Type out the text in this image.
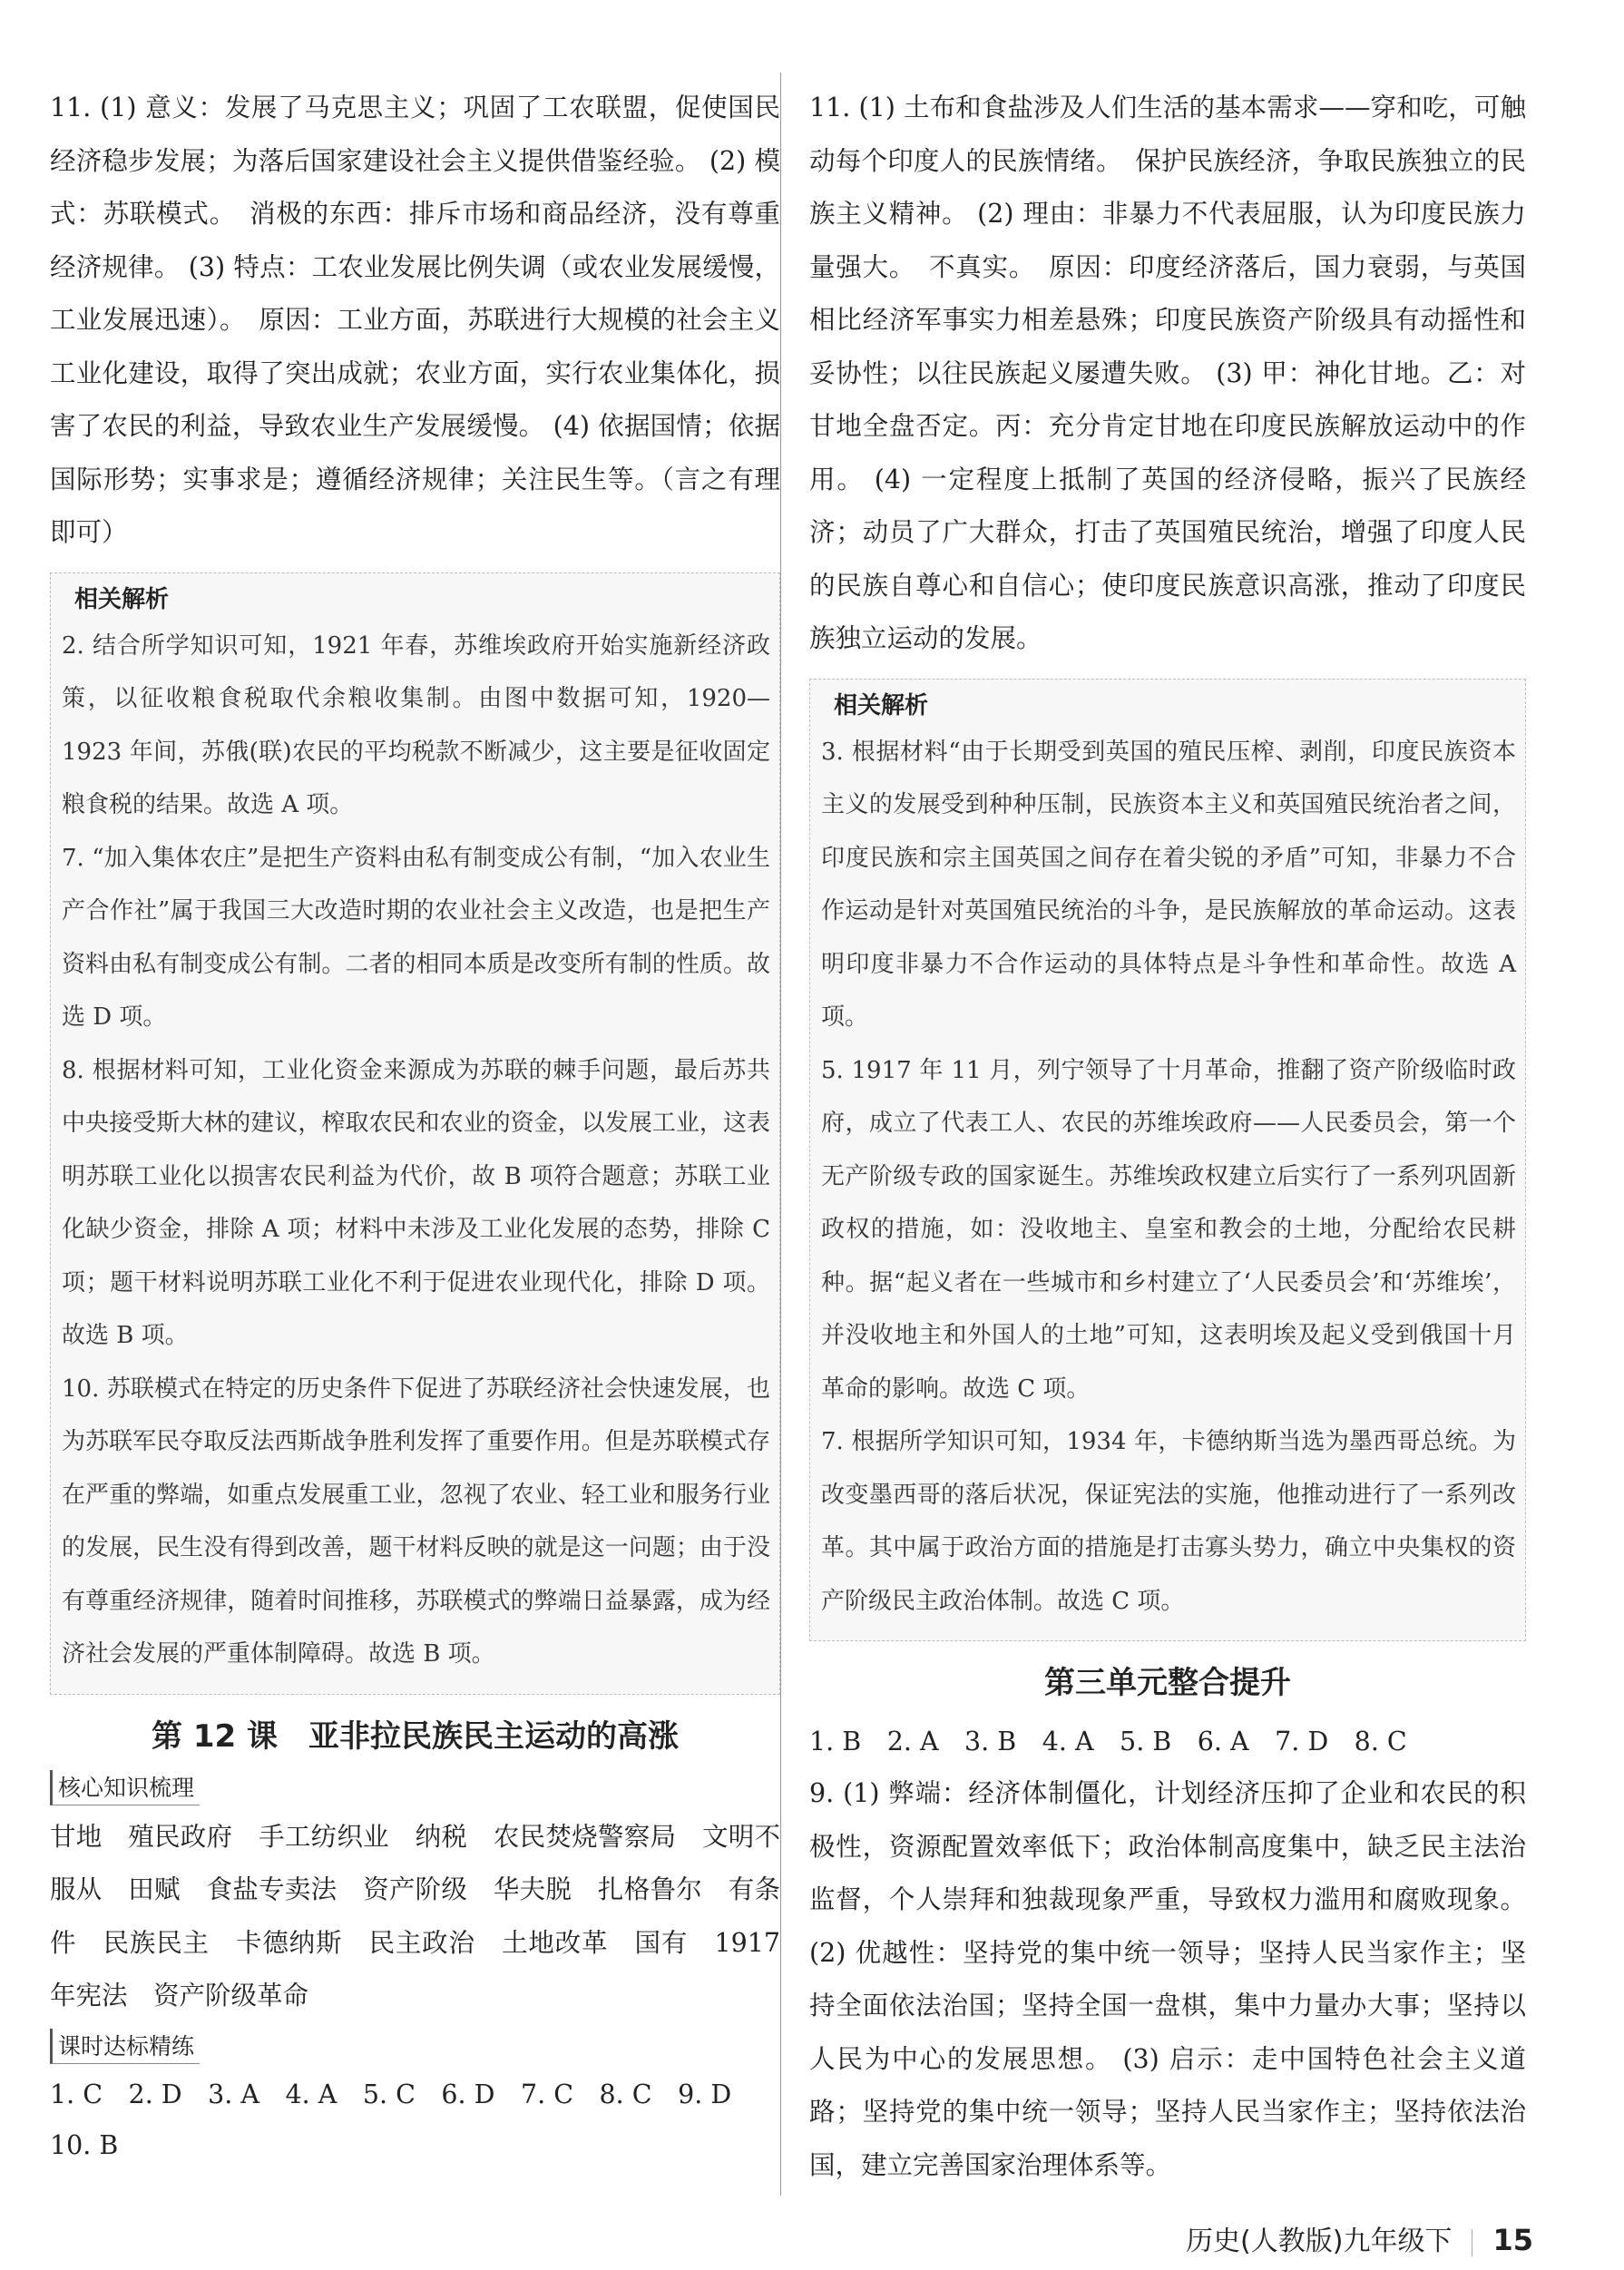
11. (1) 意义：发展了马克思主义；巩固了工农联盟，促使国民经济稳步发展；为落后国家建设社会主义提供借鉴经验。 (2) 模式：苏联模式。　消极的东西：排斥市场和商品经济，没有尊重经济规律。 (3) 特点：工农业发展比例失调（或农业发展缓慢，工业发展迅速）。　原因：工业方面，苏联进行大规模的社会主义工业化建设，取得了突出成就；农业方面，实行农业集体化，损害了农民的利益，导致农业生产发展缓慢。 (4) 依据国情；依据国际形势；实事求是；遵循经济规律；关注民生等。（言之有理即可）

相关解析

2. 结合所学知识可知，1921 年春，苏维埃政府开始实施新经济政策，以征收粮食税取代余粮收集制。由图中数据可知，1920—1923 年间，苏俄(联)农民的平均税款不断减少，这主要是征收固定粮食税的结果。故选 A 项。

7. “加入集体农庄”是把生产资料由私有制变成公有制，“加入农业生产合作社”属于我国三大改造时期的农业社会主义改造，也是把生产资料由私有制变成公有制。二者的相同本质是改变所有制的性质。故选 D 项。

8. 根据材料可知，工业化资金来源成为苏联的棘手问题，最后苏共中央接受斯大林的建议，榨取农民和农业的资金，以发展工业，这表明苏联工业化以损害农民利益为代价，故 B 项符合题意；苏联工业化缺少资金，排除 A 项；材料中未涉及工业化发展的态势，排除 C 项；题干材料说明苏联工业化不利于促进农业现代化，排除 D 项。故选 B 项。

10. 苏联模式在特定的历史条件下促进了苏联经济社会快速发展，也为苏联军民夺取反法西斯战争胜利发挥了重要作用。但是苏联模式存在严重的弊端，如重点发展重工业，忽视了农业、轻工业和服务行业的发展，民生没有得到改善，题干材料反映的就是这一问题；由于没有尊重经济规律，随着时间推移，苏联模式的弊端日益暴露，成为经济社会发展的严重体制障碍。故选 B 项。

第 12 课　亚非拉民族民主运动的高涨
核心知识梳理

甘地　殖民政府　手工纺织业　纳税　农民焚烧警察局　文明不服从　田赋　食盐专卖法　资产阶级　华夫脱　扎格鲁尔　有条件　民族民主　卡德纳斯　民主政治　土地改革　国有　1917 年宪法　资产阶级革命

课时达标精练

1. C　2. D　3. A　4. A　5. C　6. D　7. C　8. C　9. D　10. B

11. (1) 土布和食盐涉及人们生活的基本需求——穿和吃，可触动每个印度人的民族情绪。　保护民族经济，争取民族独立的民族主义精神。 (2) 理由：非暴力不代表屈服，认为印度民族力量强大。　不真实。　原因：印度经济落后，国力衰弱，与英国相比经济军事实力相差悬殊；印度民族资产阶级具有动摇性和妥协性；以往民族起义屡遭失败。 (3) 甲：神化甘地。乙：对甘地全盘否定。丙：充分肯定甘地在印度民族解放运动中的作用。 (4) 一定程度上抵制了英国的经济侵略，振兴了民族经济；动员了广大群众，打击了英国殖民统治，增强了印度人民的民族自尊心和自信心；使印度民族意识高涨，推动了印度民族独立运动的发展。

相关解析

3. 根据材料“由于长期受到英国的殖民压榨、剥削，印度民族资本主义的发展受到种种压制，民族资本主义和英国殖民统治者之间，印度民族和宗主国英国之间存在着尖锐的矛盾”可知，非暴力不合作运动是针对英国殖民统治的斗争，是民族解放的革命运动。这表明印度非暴力不合作运动的具体特点是斗争性和革命性。故选 A 项。

5. 1917 年 11 月，列宁领导了十月革命，推翻了资产阶级临时政府，成立了代表工人、农民的苏维埃政府——人民委员会，第一个无产阶级专政的国家诞生。苏维埃政权建立后实行了一系列巩固新政权的措施，如：没收地主、皇室和教会的土地，分配给农民耕种。据“起义者在一些城市和乡村建立了‘人民委员会’和‘苏维埃’，并没收地主和外国人的土地”可知，这表明埃及起义受到俄国十月革命的影响。故选 C 项。

7. 根据所学知识可知，1934 年，卡德纳斯当选为墨西哥总统。为改变墨西哥的落后状况，保证宪法的实施，他推动进行了一系列改革。其中属于政治方面的措施是打击寡头势力，确立中央集权的资产阶级民主政治体制。故选 C 项。

第三单元整合提升

1. B　2. A　3. B　4. A　5. B　6. A　7. D　8. C

9. (1) 弊端：经济体制僵化，计划经济压抑了企业和农民的积极性，资源配置效率低下；政治体制高度集中，缺乏民主法治监督，个人崇拜和独裁现象严重，导致权力滥用和腐败现象。 (2) 优越性：坚持党的集中统一领导；坚持人民当家作主；坚持全面依法治国；坚持全国一盘棋，集中力量办大事；坚持以人民为中心的发展思想。 (3) 启示：走中国特色社会主义道路；坚持党的集中统一领导；坚持人民当家作主；坚持依法治国，建立完善国家治理体系等。

历史(人教版)九年级下 15
